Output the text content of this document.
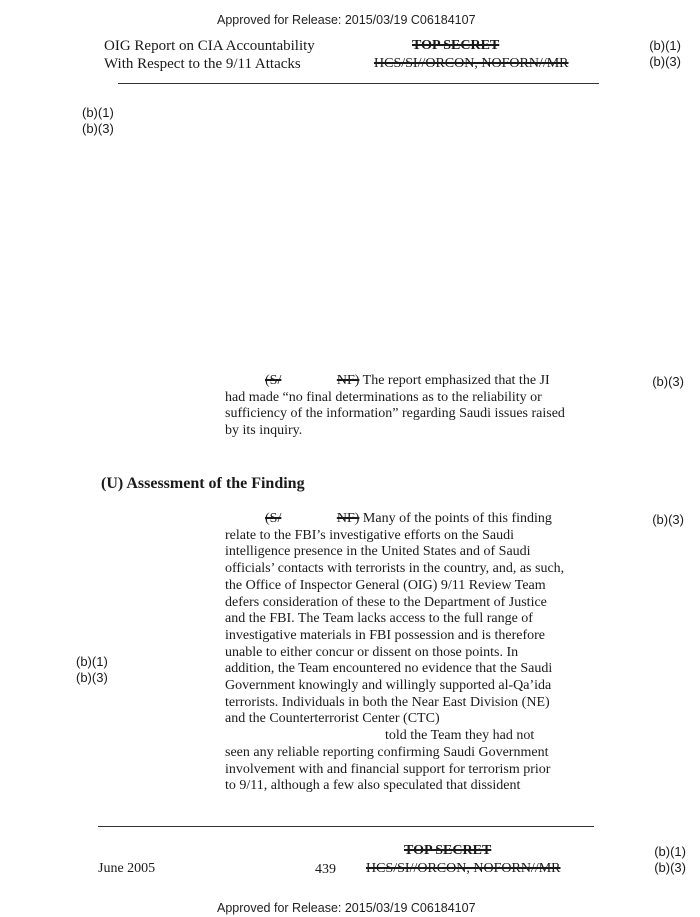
Approved for Release: 2015/03/19 C06184107
OIG Report on CIA Accountability
With Respect to the 9/11 Attacks
TOP SECRET
HCS/SI//ORCON, NOFORN//MR
(b)(1)
(b)(3)
(b)(1)
(b)(3)
(S/	NF) The report emphasized that the JI
had made “no final determinations as to the reliability or
sufficiency of the information” regarding Saudi issues raised
by its inquiry.
(b)(3)
(U) Assessment of the Finding
(S/	NF) Many of the points of this finding
relate to the FBI’s investigative efforts on the Saudi
intelligence presence in the United States and of Saudi
officials’ contacts with terrorists in the country, and, as such,
the Office of Inspector General (OIG) 9/11 Review Team
defers consideration of these to the Department of Justice
and the FBI. The Team lacks access to the full range of
investigative materials in FBI possession and is therefore
unable to either concur or dissent on those points. In
addition, the Team encountered no evidence that the Saudi
Government knowingly and willingly supported al-Qa’ida
terrorists. Individuals in both the Near East Division (NE)
and the Counterterrorist Center (CTC)
told the Team they had not
seen any reliable reporting confirming Saudi Government
involvement with and financial support for terrorism prior
to 9/11, although a few also speculated that dissident
(b)(3)
(b)(1)
(b)(3)
June 2005	439
TOP SECRET
HCS/SI//ORCON, NOFORN//MR
(b)(1)
(b)(3)
Approved for Release: 2015/03/19 C06184107
